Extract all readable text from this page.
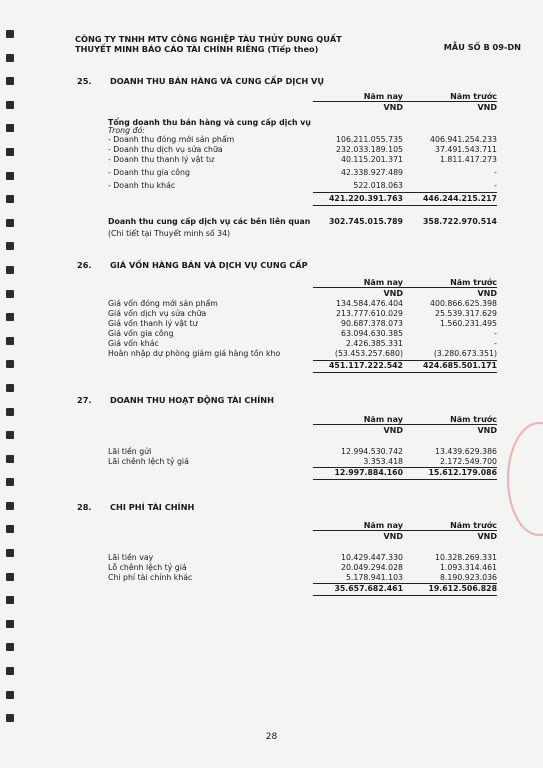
CÔNG TY TNHH MTV CÔNG NGHIỆP TÀU THỦY DUNG QUẤT
THUYẾT MINH BÁO CÁO TÀI CHÍNH RIÊNG (Tiếp theo)	MẪU SỐ B 09-DN
25. DOANH THU BÁN HÀNG VÀ CUNG CẤP DỊCH VỤ
Năm nay	Năm trước
VND	VND
Tổng doanh thu bán hàng và cung cấp dịch vụ
Trong đó:
- Doanh thu đóng mới sản phẩm	106.211.055.735	406.941.254.233
- Doanh thu dịch vụ sửa chữa	232.033.189.105	37.491.543.711
- Doanh thu thanh lý vật tư	40.115.201.371	1.811.417.273
- Doanh thu gia công	42.338.927.489	-
- Doanh thu khác	522.018.063	-
421.220.391.763	446.244.215.217
Doanh thu cung cấp dịch vụ các bên liên quan 302.745.015.789	358.722.970.514
(Chi tiết tại Thuyết minh số 34)
26. GIÁ VỐN HÀNG BÁN VÀ DỊCH VỤ CUNG CẤP
Năm nay	Năm trước
VND	VND
Giá vốn đóng mới sản phẩm	134.584.476.404	400.866.625.398
Giá vốn dịch vụ sửa chữa	213.777.610.029	25.539.317.629
Giá vốn thanh lý vật tư	90.687.378.073	1.560.231.495
Giá vốn gia công	63.094.630.385	-
Giá vốn khác	2.426.385.331	-
Hoàn nhập dự phòng giảm giá hàng tồn kho	(53.453.257.680)	(3.280.673.351)
451.117.222.542	424.685.501.171
27. DOANH THU HOẠT ĐỘNG TÀI CHÍNH
Năm nay	Năm trước
VND	VND
Lãi tiền gửi	12.994.530.742	13.439.629.386
Lãi chênh lệch tỷ giá	3.353.418	2.172.549.700
12.997.884.160	15.612.179.086
28. CHI PHÍ TÀI CHÍNH
Năm nay	Năm trước
VND	VND
Lãi tiền vay	10.429.447.330	10.328.269.331
Lỗ chênh lệch tỷ giá	20.049.294.028	1.093.314.461
Chi phí tài chính khác	5.178.941.103	8.190.923.036
35.657.682.461	19.612.506.828
28
